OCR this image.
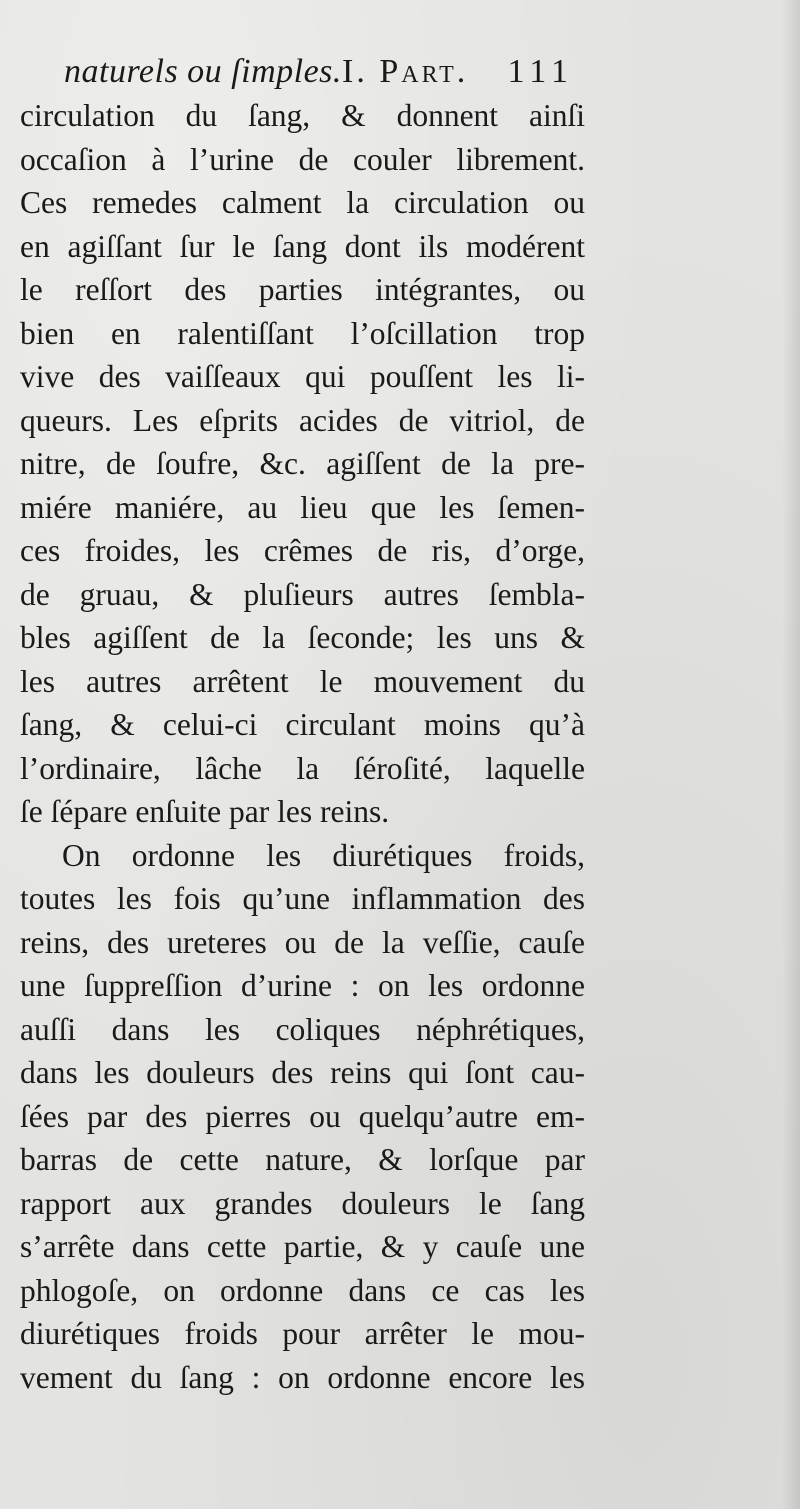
naturels ou ſimples. I. Part. 111
circulation du ſang, & donnent ainſi
occaſion à l’urine de couler librement.
Ces remedes calment la circulation ou
en agiſſant ſur le ſang dont ils modérent
le reſſort des parties intégrantes, ou
bien en ralentiſſant l’oſcillation trop
vive des vaiſſeaux qui pouſſent les li-
queurs. Les eſprits acides de vitriol, de
nitre, de ſoufre, &c. agiſſent de la pre-
miére maniére, au lieu que les ſemen-
ces froides, les crêmes de ris, d’orge,
de gruau, & pluſieurs autres ſembla-
bles agiſſent de la ſeconde; les uns &
les autres arrêtent le mouvement du
ſang, & celui-ci circulant moins qu’à
l’ordinaire, lâche la ſéroſité, laquelle
ſe ſépare enſuite par les reins.
On ordonne les diurétiques froids,
toutes les fois qu’une inflammation des
reins, des ureteres ou de la veſſie, cauſe
une ſuppreſſion d’urine : on les ordonne
auſſi dans les coliques néphrétiques,
dans les douleurs des reins qui ſont cau-
ſées par des pierres ou quelqu’autre em-
barras de cette nature, & lorſque par
rapport aux grandes douleurs le ſang
s’arrête dans cette partie, & y cauſe une
phlogoſe, on ordonne dans ce cas les
diurétiques froids pour arrêter le mou-
vement du ſang : on ordonne encore les
